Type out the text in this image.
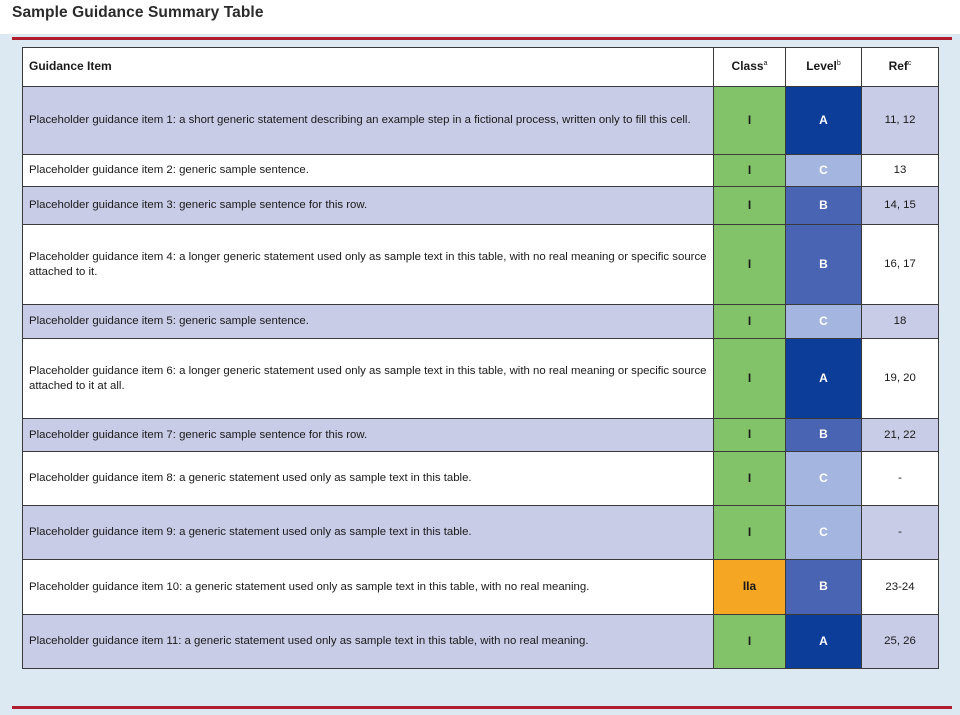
Sample Guidance Summary Table
Guidance Item	Class$^a$	Level$^b$	Ref$^c$
Placeholder guidance item 1: a short generic statement describing an example step in a fictional process, written only to fill this cell.	I	A	11, 12
Placeholder guidance item 2: generic sample sentence.	I	C	13
Placeholder guidance item 3: generic sample sentence for this row.	I	B	14, 15
Placeholder guidance item 4: a longer generic statement used only as sample text in this table, with no real meaning or specific source attached to it.	I	B	16, 17
Placeholder guidance item 5: generic sample sentence.	I	C	18
Placeholder guidance item 6: a longer generic statement used only as sample text in this table, with no real meaning or specific source attached to it at all.	I	A	19, 20
Placeholder guidance item 7: generic sample sentence for this row.	I	B	21, 22
Placeholder guidance item 8: a generic statement used only as sample text in this table.	I	C	-
Placeholder guidance item 9: a generic statement used only as sample text in this table.	I	C	-
Placeholder guidance item 10: a generic statement used only as sample text in this table, with no real meaning.	IIa	B	23-24
Placeholder guidance item 11: a generic statement used only as sample text in this table, with no real meaning.	I	A	25, 26
